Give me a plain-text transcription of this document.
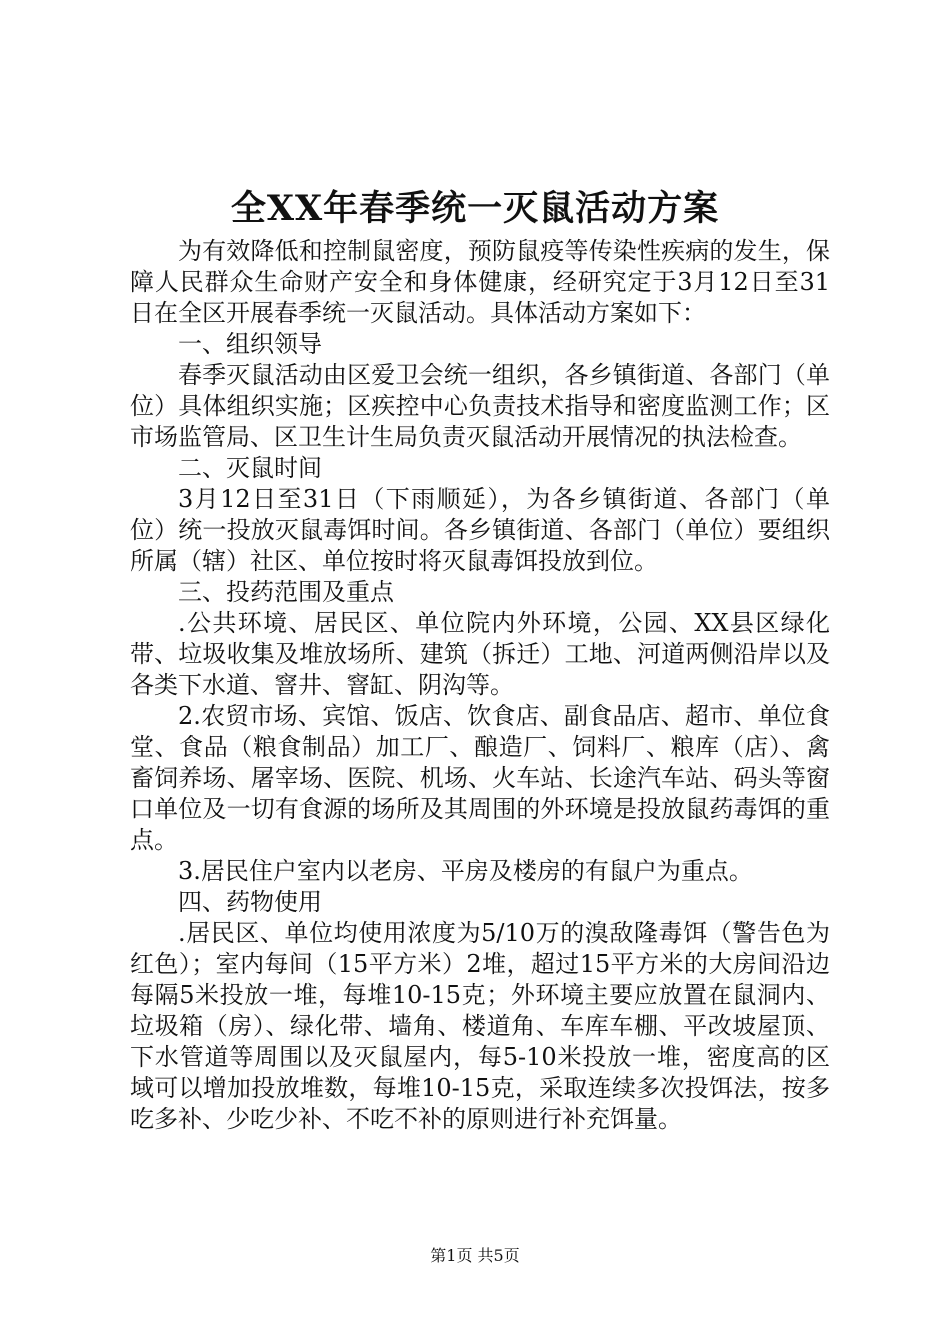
全XX年春季统一灭鼠活动方案

为有效降低和控制鼠密度，预防鼠疫等传染性疾病的发生，保障人民群众生命财产安全和身体健康，经研究定于3月12日至31日在全区开展春季统一灭鼠活动。具体活动方案如下：

一、组织领导

春季灭鼠活动由区爱卫会统一组织，各乡镇街道、各部门（单位）具体组织实施；区疾控中心负责技术指导和密度监测工作；区市场监管局、区卫生计生局负责灭鼠活动开展情况的执法检查。

二、灭鼠时间

3月12日至31日（下雨顺延），为各乡镇街道、各部门（单位）统一投放灭鼠毒饵时间。各乡镇街道、各部门（单位）要组织所属（辖）社区、单位按时将灭鼠毒饵投放到位。

三、投药范围及重点

.公共环境、居民区、单位院内外环境，公园、XX县区绿化带、垃圾收集及堆放场所、建筑（拆迁）工地、河道两侧沿岸以及各类下水道、窨井、窨缸、阴沟等。

2.农贸市场、宾馆、饭店、饮食店、副食品店、超市、单位食堂、食品（粮食制品）加工厂、酿造厂、饲料厂、粮库（店）、禽畜饲养场、屠宰场、医院、机场、火车站、长途汽车站、码头等窗口单位及一切有食源的场所及其周围的外环境是投放鼠药毒饵的重点。

3.居民住户室内以老房、平房及楼房的有鼠户为重点。

四、药物使用

.居民区、单位均使用浓度为5/10万的溴敌隆毒饵（警告色为红色）；室内每间（15平方米）2堆，超过15平方米的大房间沿边每隔5米投放一堆，每堆10-15克；外环境主要应放置在鼠洞内、垃圾箱（房）、绿化带、墙角、楼道角、车库车棚、平改坡屋顶、下水管道等周围以及灭鼠屋内，每5-10米投放一堆，密度高的区域可以增加投放堆数，每堆10-15克，采取连续多次投饵法，按多吃多补、少吃少补、不吃不补的原则进行补充饵量。

第1页 共5页
